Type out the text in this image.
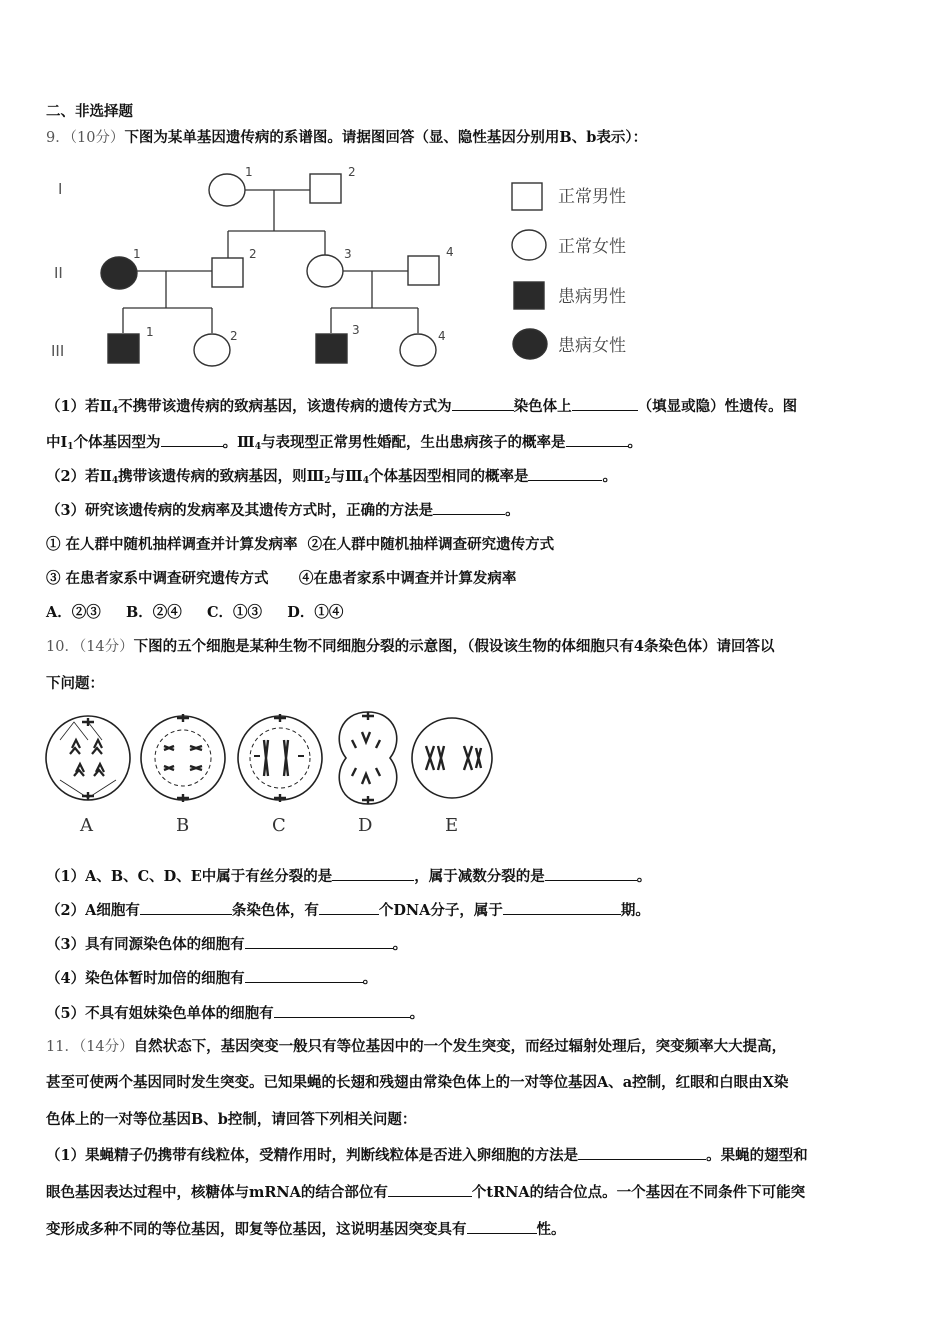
二、非选择题
9．（10分）下图为某单基因遗传病的系谱图。请据图回答（显、隐性基因分别用B、b表示）：
I
II
III
1	2
1	2	3	4
1	2	3	4
正常男性
正常女性
患病男性
患病女性
（1）若$Ⅱ_4$不携带该遗传病的致病基因，该遗传病的遗传方式为	染色体上	（填显或隐）性遗传。图
中$Ⅰ_1$个体基因型为	。$Ⅲ_4$与表现型正常男性婚配，生出患病孩子的概率是	。
（2）若$Ⅱ_4$携带该遗传病的致病基因，则$Ⅲ_2$与$Ⅲ_4$个体基因型相同的概率是	。
（3）研究该遗传病的发病率及其遗传方式时，正确的方法是	。
① 在人群中随机抽样调查并计算发病率  ②在人群中随机抽样调查研究遗传方式
③ 在患者家系中调查研究遗传方式      ④在患者家系中调查并计算发病率
A．②③     B．②④     C．①③     D．①④
10．（14分）下图的五个细胞是某种生物不同细胞分裂的示意图，（假设该生物的体细胞只有4条染色体）请回答以
下问题：
A	B	C	D	E
（1）A、B、C、D、E中属于有丝分裂的是	，属于减数分裂的是	。
（2）A细胞有	条染色体，有	个DNA分子，属于	期。
（3）具有同源染色体的细胞有	。
（4）染色体暂时加倍的细胞有	。
（5）不具有姐妹染色单体的细胞有	。
11．（14分）自然状态下，基因突变一般只有等位基因中的一个发生突变，而经过辐射处理后，突变频率大大提高，
甚至可使两个基因同时发生突变。已知果蝇的长翅和残翅由常染色体上的一对等位基因A、a控制，红眼和白眼由X染
色体上的一对等位基因B、b控制，请回答下列相关问题：
（1）果蝇精子仍携带有线粒体，受精作用时，判断线粒体是否进入卵细胞的方法是	。果蝇的翅型和
眼色基因表达过程中，核糖体与mRNA的结合部位有	个tRNA的结合位点。一个基因在不同条件下可能突
变形成多种不同的等位基因，即复等位基因，这说明基因突变具有	性。
